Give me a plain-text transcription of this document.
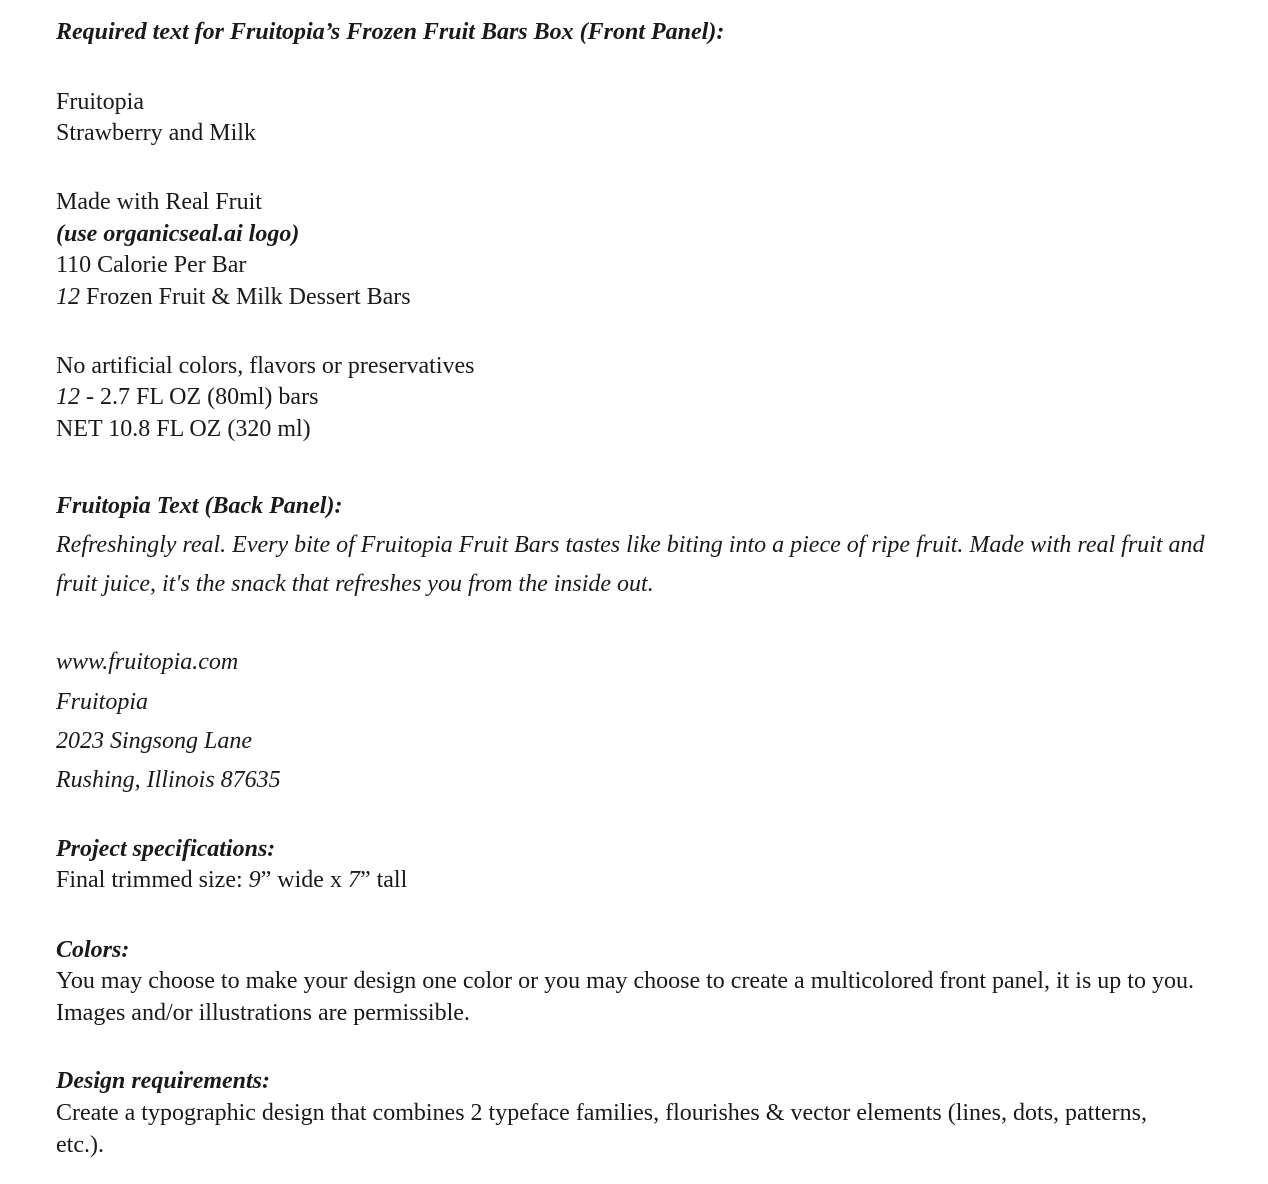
Required text for Fruitopia’s Frozen Fruit Bars Box (Front Panel):
Fruitopia
Strawberry and Milk
Made with Real Fruit
(use organicseal.ai logo)
110 Calorie Per Bar
12 Frozen Fruit & Milk Dessert Bars
No artificial colors, flavors or preservatives
12 - 2.7 FL OZ (80ml) bars
NET 10.8 FL OZ (320 ml)
Fruitopia Text (Back Panel):
Refreshingly real. Every bite of Fruitopia Fruit Bars tastes like biting into a piece of ripe fruit. Made with real fruit and fruit juice, it's the snack that refreshes you from the inside out.
www.fruitopia.com
Fruitopia
2023 Singsong Lane
Rushing, Illinois 87635
Project specifications:
Final trimmed size: 9” wide x 7” tall
Colors:
You may choose to make your design one color or you may choose to create a multicolored front panel, it is up to you. Images and/or illustrations are permissible.
Design requirements:
Create a typographic design that combines 2 typeface families, flourishes & vector elements (lines, dots, patterns, etc.).
